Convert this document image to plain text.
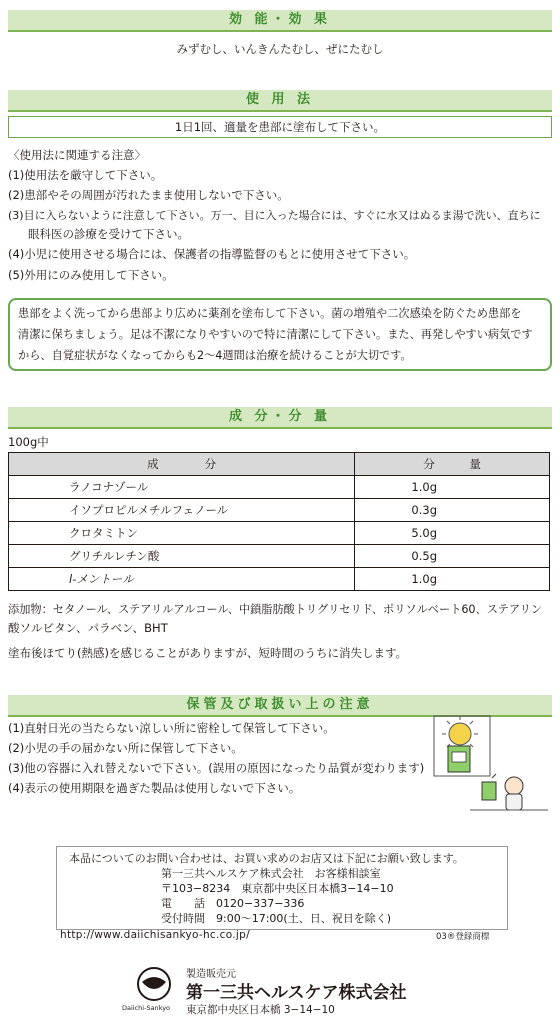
効 能・効 果
みずむし、いんきんたむし、ぜにたむし
使 用 法
1日1回、適量を患部に塗布して下さい。
〈使用法に関連する注意〉
(1)使用法を厳守して下さい。
(2)患部やその周囲が汚れたまま使用しないで下さい。
(3)目に入らないように注意して下さい。万一、目に入った場合には、すぐに水又はぬるま湯で洗い、直ちに
眼科医の診療を受けて下さい。
(4)小児に使用させる場合には、保護者の指導監督のもとに使用させて下さい。
(5)外用にのみ使用して下さい。
患部をよく洗ってから患部より広めに薬剤を塗布して下さい。菌の増殖や二次感染を防ぐため患部を
清潔に保ちましょう。足は不潔になりやすいので特に清潔にして下さい。また、再発しやすい病気です
から、自覚症状がなくなってからも2〜4週間は治療を続けることが大切です。
成 分・分 量
100g中
成　　　　分	分　　　量
ラノコナゾール	1.0g
イソプロピルメチルフェノール	0.3g
クロタミトン	5.0g
グリチルレチン酸	0.5g
l-メントール	1.0g
添加物：セタノール、ステアリルアルコール、中鎖脂肪酸トリグリセリド、ポリソルベート60、ステアリン
酸ソルビタン、パラベン、BHT
塗布後ほてり(熱感)を感じることがありますが、短時間のうちに消失します。
保管及び取扱い上の注意
(1)直射日光の当たらない涼しい所に密栓して保管して下さい。
(2)小児の手の届かない所に保管して下さい。
(3)他の容器に入れ替えないで下さい。(誤用の原因になったり品質が変わります)
(4)表示の使用期限を過ぎた製品は使用しないで下さい。
本品についてのお問い合わせは、お買い求めのお店又は下記にお願い致します。
第一三共ヘルスケア株式会社　お客様相談室
〒103−8234　東京都中央区日本橋3−14−10
電　　話　0120−337−336
受付時間　9:00〜17:00(土、日、祝日を除く)
http://www.daiichisankyo-hc.co.jp/	03®登録商標
Daiichi-Sankyo
製造販売元
第一三共ヘルスケア株式会社
東京都中央区日本橋 3−14−10
